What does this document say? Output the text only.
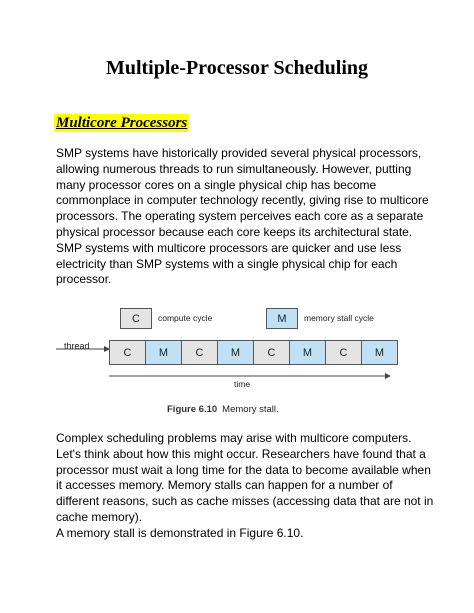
Multiple-Processor Scheduling
Multicore Processors
SMP systems have historically provided several physical processors,
allowing numerous threads to run simultaneously. However, putting
many processor cores on a single physical chip has become
commonplace in computer technology recently, giving rise to multicore
processors. The operating system perceives each core as a separate
physical processor because each core keeps its architectural state.
SMP systems with multicore processors are quicker and use less
electricity than SMP systems with a single physical chip for each
processor.
C	compute cycle	M	memory stall cycle
thread
C	M	C	M	C	M	C	M
time
Figure 6.10 Memory stall.
Complex scheduling problems may arise with multicore computers.
Let's think about how this might occur. Researchers have found that a
processor must wait a long time for the data to become available when
it accesses memory. Memory stalls can happen for a number of
different reasons, such as cache misses (accessing data that are not in
cache memory).
A memory stall is demonstrated in Figure 6.10.
